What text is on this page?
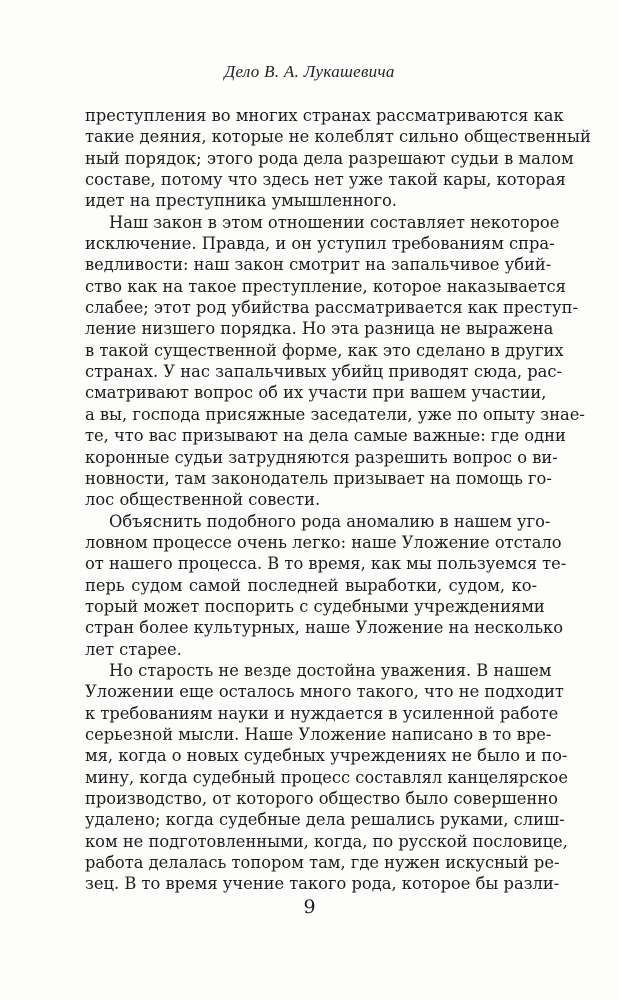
Дело В. А. Лукашевича
преступления во многих странах рассматриваются как
такие деяния, которые не колеблят сильно общественный
ный порядок; этого рода дела разрешают судьи в малом
составе, потому что здесь нет уже такой кары, которая
идет на преступника умышленного.
Наш закон в этом отношении составляет некоторое
исключение. Правда, и он уступил требованиям спра-
ведливости: наш закон смотрит на запальчивое убий-
ство как на такое преступление, которое наказывается
слабее; этот род убийства рассматривается как преступ-
ление низшего порядка. Но эта разница не выражена
в такой существенной форме, как это сделано в других
странах. У нас запальчивых убийц приводят сюда, рас-
сматривают вопрос об их участи при вашем участии,
а вы, господа присяжные заседатели, уже по опыту знае-
те, что вас призывают на дела самые важные: где одни
коронные судьи затрудняются разрешить вопрос о ви-
новности, там законодатель призывает на помощь го-
лос общественной совести.
Объяснить подобного рода аномалию в нашем уго-
ловном процессе очень легко: наше Уложение отстало
от нашего процесса. В то время, как мы пользуемся те-
перь судом самой последней выработки, судом, ко-
торый может поспорить с судебными учреждениями
стран более культурных, наше Уложение на несколько
лет старее.
Но старость не везде достойна уважения. В нашем
Уложении еще осталось много такого, что не подходит
к требованиям науки и нуждается в усиленной работе
серьезной мысли. Наше Уложение написано в то вре-
мя, когда о новых судебных учреждениях не было и по-
мину, когда судебный процесс составлял канцелярское
производство, от которого общество было совершенно
удалено; когда судебные дела решались руками, слиш-
ком не подготовленными, когда, по русской пословице,
работа делалась топором там, где нужен искусный ре-
зец. В то время учение такого рода, которое бы разли-
9
